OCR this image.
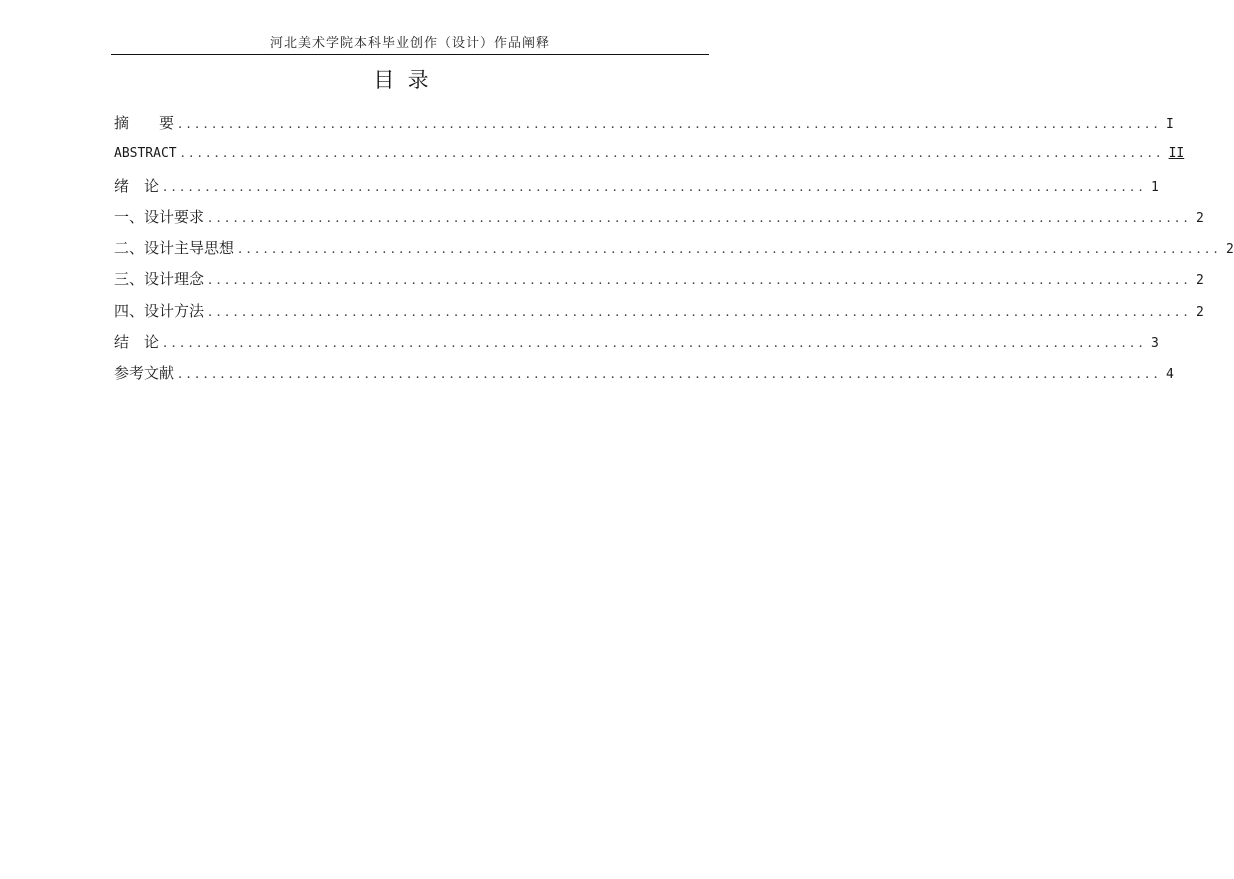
河北美术学院本科毕业创作（设计）作品阐释
目  录
摘　　要 .................................................................................................................... I
ABSTRACT .................................................................................................................... II
绪　论 .................................................................................................................... 1
一、设计要求 .................................................................................................................... 2
二、设计主导思想 .................................................................................................................... 2
三、设计理念 .................................................................................................................... 2
四、设计方法 .................................................................................................................... 2
结　论 .................................................................................................................... 3
参考文献 .................................................................................................................... 4
